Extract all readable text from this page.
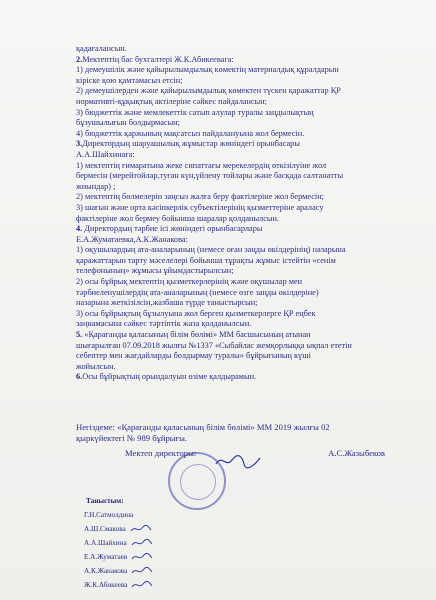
қадағалансын.
2.Мектептің бас бухгалтері Ж.К.Абикеевага:
1) демеушілік және қайырылымдылық көмектің материалдық құралдарын
кіріске қою қамтамасыз етсін;
2) демеушілерден және қайырылымдылық көмектен түскен қаражаттар ҚР
нормативті-құқықтық актілеріне сәйкес пайдалансын;
3) бюджеттік және мемлекеттік сатып алулар туралы заңдылықтың
бұзушылығын болдырмасын;
4) бюджеттік қаржының мақсатсыз пайдалануына жол бермесін.
3.Директордың шаруашылық жұмыстар жөніндегі орынбасары
А.А.Шайхинаға:
1) мектептің ғимаратына жеке сипаттағы мерекелердің өткізілуіне жол
бермесін (мерейтойлар,туған күн,үйлену тойлары және басқада салтанатты
жиындар) ;
2) мектептің бөлмелерін заңсыз жалға беру фактілеріне жол бермесін;
3) шағын және орта кәсіпкерлік субъектілерінің қызметтеріне араласу
фактілеріне жол бермеу бойынша шаралар қолданылсын.
4. Директордың тәрбие ісі жөніндегі орынбасарлары
Е.А.Жуматаевка,А.К.Жанакова:
1) оқушылардың ата-аналарының (немесе оған заңды өкілдерінің) назарына
қаражаттарын тарту мәселелері бойынша тұрақты жұмыс істейтін «сенім
телефонының» жұмысы ұйымдастырылсын;
2) осы бұйрық мектептің қызметкерлерінің және оқушылар мен
тәрбиеленушілердің ата-аналарының (немесе өзге заңды өкілдеріне)
назарына жеткізілсін,жазбаша түрде таныстырсын;
3) осы бұйрықтың бұзылуына жол берген қызметкерлерге ҚР еңбек
заңнамасына сәйкес тәртіптік жаза қолданылсын.
5. «Қарағанды қаласының білім бөлімі» ММ басшысының атынан
шығарылған 07.09.2018 жылғы №1337 «Сыбайлас жемқорлыққа ықпал ететін
себептер мен жағдайларды болдырмау туралы» бұйрығының күші
жойылсын.
6.Осы бұйрықтың орындалуын өзіме қалдырамын.
Негіздеме: «Қарағанды қаласының білім бөлімі» ММ 2019 жылғы 02
қыркүйектегі № 989 бұйрығы.
Мектеп директоры:	А.С.Жазыбеков
Таныстым:
Г.Н.Сатмолдина
А.Ш.Смакова
А.А.Шайхина
Е.А.Жуматаев
А.К.Жанакова
Ж.К.Абикеева
